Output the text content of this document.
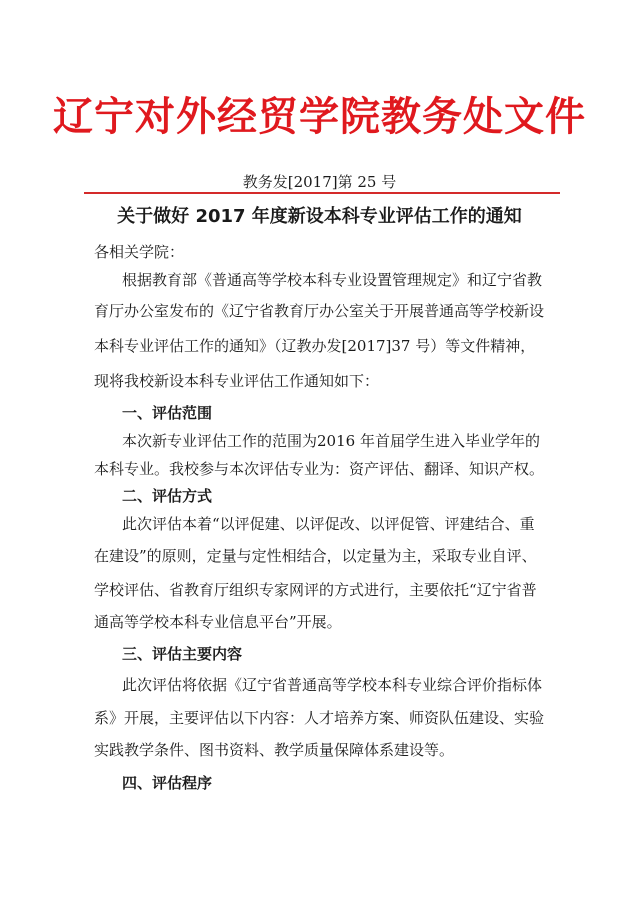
辽宁对外经贸学院教务处文件
教务发[2017]第 25 号
关于做好 2017 年度新设本科专业评估工作的通知
各相关学院：
根据教育部《普通高等学校本科专业设置管理规定》和辽宁省教
育厅办公室发布的《辽宁省教育厅办公室关于开展普通高等学校新设
本科专业评估工作的通知》（辽教办发[2017]37 号）等文件精神，
现将我校新设本科专业评估工作通知如下：
一、评估范围
本次新专业评估工作的范围为2016 年首届学生进入毕业学年的
本科专业。我校参与本次评估专业为：资产评估、翻译、知识产权。
二、评估方式
此次评估本着“以评促建、以评促改、以评促管、评建结合、重
在建设”的原则，定量与定性相结合，以定量为主，采取专业自评、
学校评估、省教育厅组织专家网评的方式进行，主要依托“辽宁省普
通高等学校本科专业信息平台”开展。
三、评估主要内容
此次评估将依据《辽宁省普通高等学校本科专业综合评价指标体
系》开展，主要评估以下内容：人才培养方案、师资队伍建设、实验
实践教学条件、图书资料、教学质量保障体系建设等。
四、评估程序
